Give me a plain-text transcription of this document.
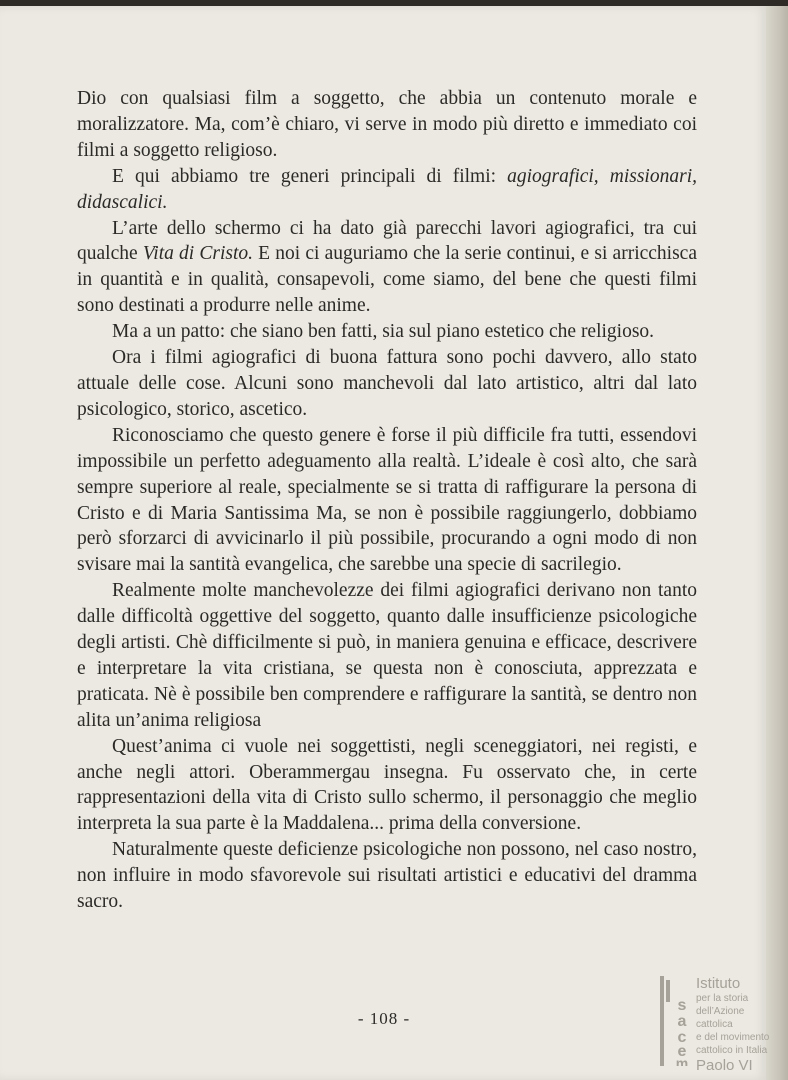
Dio con qualsiasi film a soggetto, che abbia un contenuto morale e moralizzatore. Ma, com’è chiaro, vi serve in modo più diretto e immediato coi filmi a soggetto religioso.

E qui abbiamo tre generi principali di filmi: agiografici, missionari, didascalici.

L’arte dello schermo ci ha dato già parecchi lavori agiografici, tra cui qualche Vita di Cristo. E noi ci auguriamo che la serie continui, e si arricchisca in quantità e in qualità, consapevoli, come siamo, del bene che questi filmi sono destinati a produrre nelle anime.

Ma a un patto: che siano ben fatti, sia sul piano estetico che religioso.

Ora i filmi agiografici di buona fattura sono pochi davvero, allo stato attuale delle cose. Alcuni sono manchevoli dal lato artistico, altri dal lato psicologico, storico, ascetico.

Riconosciamo che questo genere è forse il più difficile fra tutti, essendovi impossibile un perfetto adeguamento alla realtà. L’ideale è così alto, che sarà sempre superiore al reale, specialmente se si tratta di raffigurare la persona di Cristo e di Maria Santissima Ma, se non è possibile raggiungerlo, dobbiamo però sforzarci di avvicinarlo il più possibile, procurando a ogni modo di non svisare mai la santità evangelica, che sarebbe una specie di sacrilegio.

Realmente molte manchevolezze dei filmi agiografici derivano non tanto dalle difficoltà oggettive del soggetto, quanto dalle insufficienze psicologiche degli artisti. Chè difficilmente si può, in maniera genuina e efficace, descrivere e interpretare la vita cristiana, se questa non è conosciuta, apprezzata e praticata. Nè è possibile ben comprendere e raffigurare la santità, se dentro non alita un’anima religiosa

Quest’anima ci vuole nei soggettisti, negli sceneggiatori, nei registi, e anche negli attori. Oberammergau insegna. Fu osservato che, in certe rappresentazioni della vita di Cristo sullo schermo, il personaggio che meglio interpreta la sua parte è la Maddalena... prima della conversione.

Naturalmente queste deficienze psicologiche non possono, nel caso nostro, non influire in modo sfavorevole sui risultati artistici e educativi del dramma sacro.

- 108 -
s
a
c
e
m
Istituto
per la storia
dell’Azione cattolica
e del movimento
cattolico in Italia
Paolo VI
